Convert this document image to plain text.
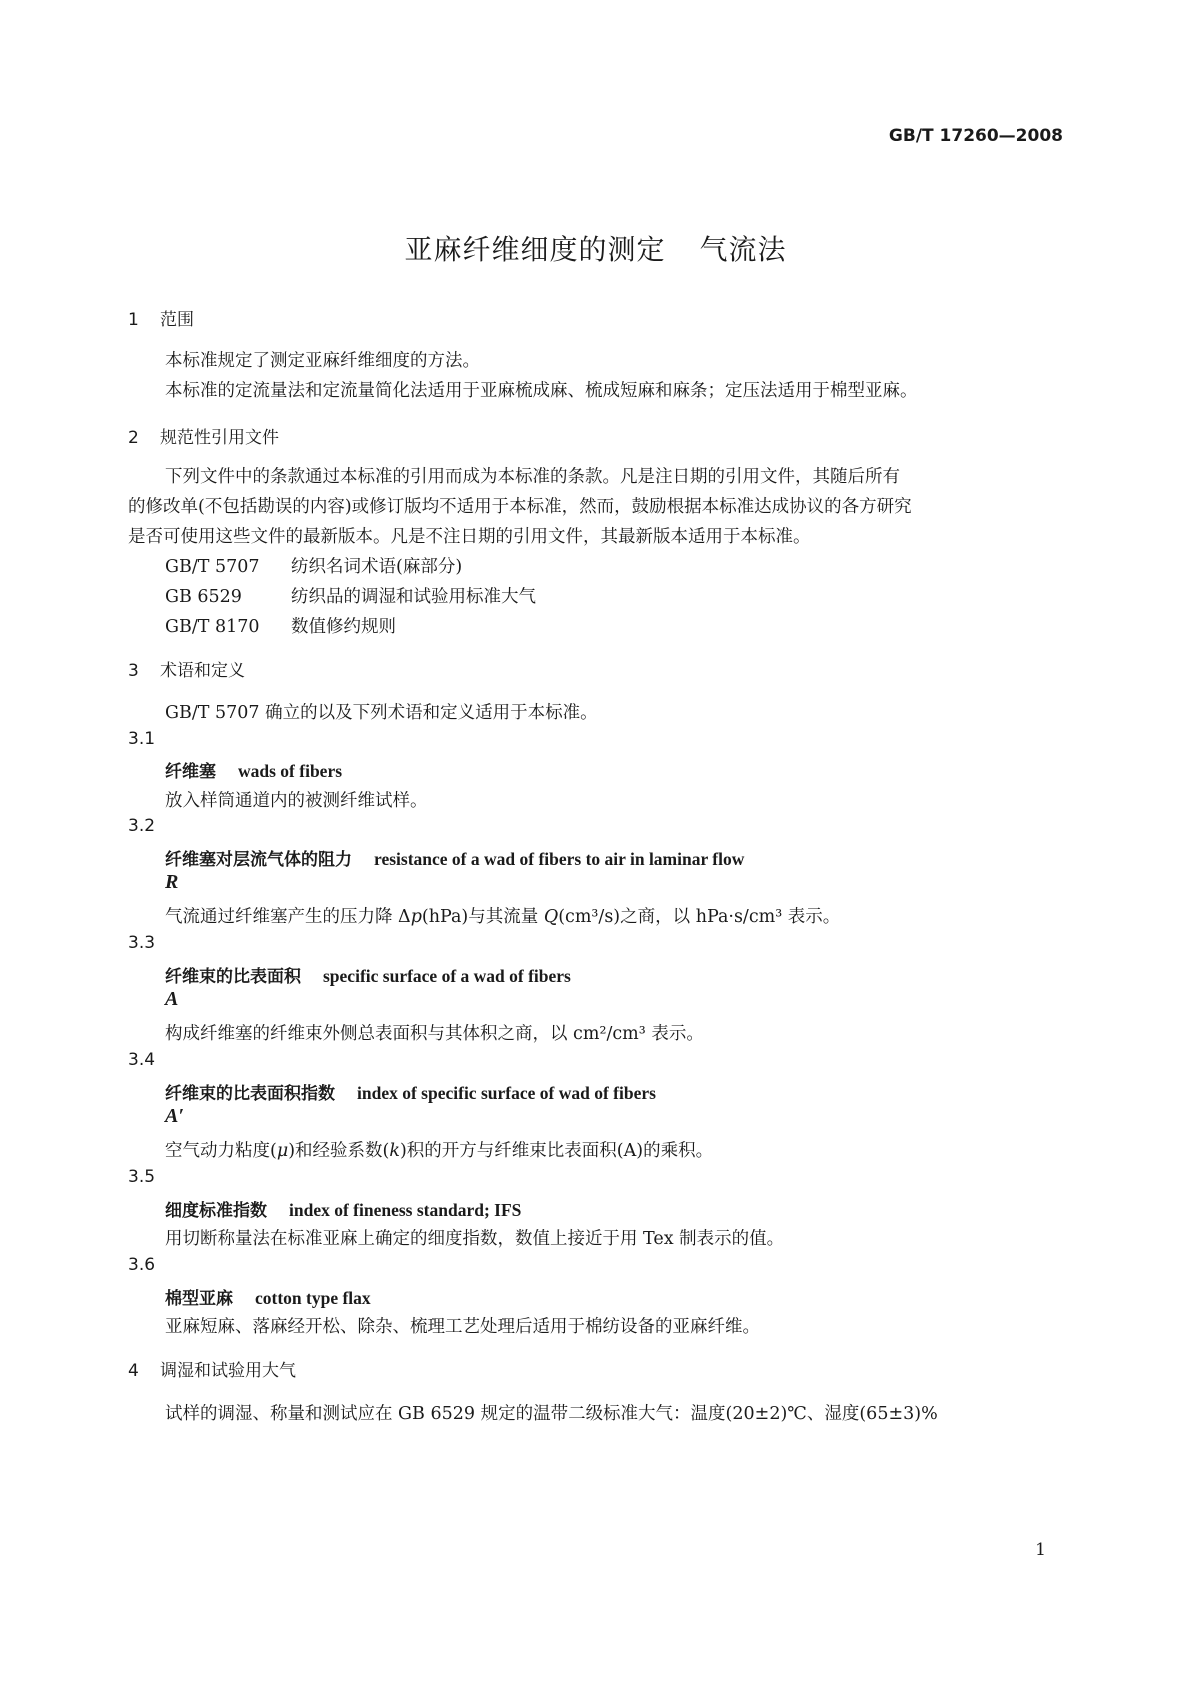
GB/T 17260—2008
亚麻纤维细度的测定 气流法
1 范围
本标准规定了测定亚麻纤维细度的方法。
本标准的定流量法和定流量简化法适用于亚麻梳成麻、梳成短麻和麻条；定压法适用于棉型亚麻。
2 规范性引用文件
下列文件中的条款通过本标准的引用而成为本标准的条款。凡是注日期的引用文件，其随后所有
的修改单(不包括勘误的内容)或修订版均不适用于本标准，然而，鼓励根据本标准达成协议的各方研究
是否可使用这些文件的最新版本。凡是不注日期的引用文件，其最新版本适用于本标准。
GB/T 5707 纺织名词术语(麻部分)
GB 6529	纺织品的调湿和试验用标准大气
GB/T 8170 数值修约规则
3 术语和定义
GB/T 5707 确立的以及下列术语和定义适用于本标准。
3.1
纤维塞 wads of fibers
放入样筒通道内的被测纤维试样。
3.2
纤维塞对层流气体的阻力 resistance of a wad of fibers to air in laminar flow
R
气流通过纤维塞产生的压力降 Δp(hPa)与其流量 Q(cm³/s)之商，以 hPa·s/cm³ 表示。
3.3
纤维束的比表面积 specific surface of a wad of fibers
A
构成纤维塞的纤维束外侧总表面积与其体积之商，以 cm²/cm³ 表示。
3.4
纤维束的比表面积指数 index of specific surface of wad of fibers
A′
空气动力粘度(μ)和经验系数(k)积的开方与纤维束比表面积(A)的乘积。
3.5
细度标准指数 index of fineness standard; IFS
用切断称量法在标准亚麻上确定的细度指数，数值上接近于用 Tex 制表示的值。
3.6
棉型亚麻 cotton type flax
亚麻短麻、落麻经开松、除杂、梳理工艺处理后适用于棉纺设备的亚麻纤维。
4 调湿和试验用大气
试样的调湿、称量和测试应在 GB 6529 规定的温带二级标准大气：温度(20±2)℃、湿度(65±3)%
1
